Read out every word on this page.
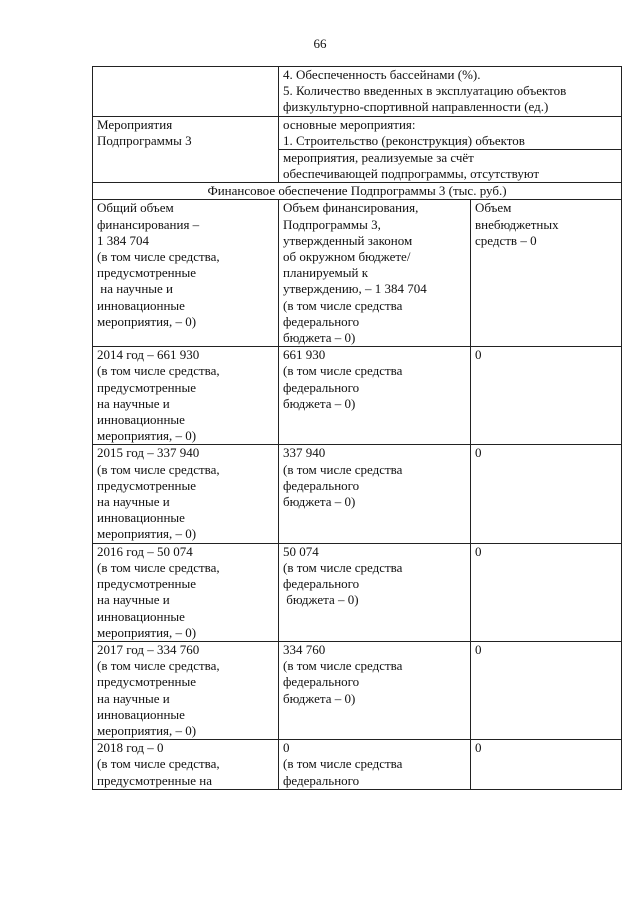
66
4. Обеспеченность бассейнами (%).
5. Количество введенных в эксплуатацию объектов
физкультурно-спортивной направленности (ед.)
Мероприятия
Подпрограммы 3
основные мероприятия:
1. Строительство (реконструкция) объектов
мероприятия, реализуемые за счёт
обеспечивающей подпрограммы, отсутствуют
Финансовое обеспечение Подпрограммы 3 (тыс. руб.)
Общий объем
финансирования –
1 384 704
(в том числе средства,
предусмотренные
на научные и
инновационные
мероприятия, – 0)
Объем финансирования,
Подпрограммы 3,
утвержденный законом
об окружном бюджете/
планируемый к
утверждению, – 1 384 704
(в том числе средства
федерального
бюджета – 0)
Объем
внебюджетных
средств – 0
2014 год – 661 930
(в том числе средства,
предусмотренные
на научные и
инновационные
мероприятия, – 0)
661 930
(в том числе средства
федерального
бюджета – 0)
0
2015 год – 337 940
(в том числе средства,
предусмотренные
на научные и
инновационные
мероприятия, – 0)
337 940
(в том числе средства
федерального
бюджета – 0)
0
2016 год – 50 074
(в том числе средства,
предусмотренные
на научные и
инновационные
мероприятия, – 0)
50 074
(в том числе средства
федерального
бюджета – 0)
0
2017 год – 334 760
(в том числе средства,
предусмотренные
на научные и
инновационные
мероприятия, – 0)
334 760
(в том числе средства
федерального
бюджета – 0)
0
2018 год – 0
(в том числе средства,
предусмотренные на
0
(в том числе средства
федерального
0
